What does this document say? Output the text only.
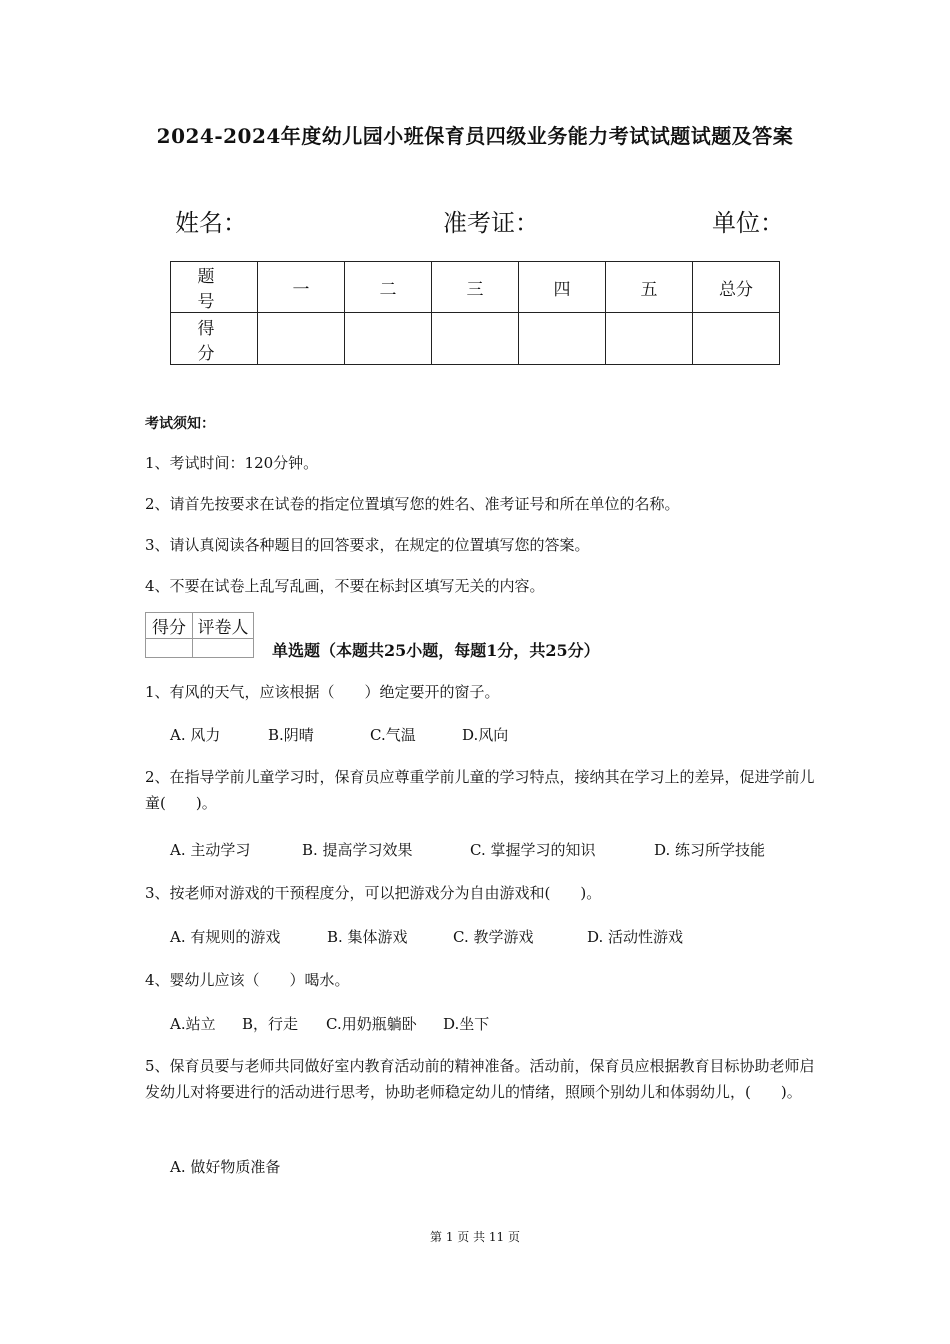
2024-2024年度幼儿园小班保育员四级业务能力考试试题试题及答案
姓名：	准考证：	单位：
题　号	一	二	三	四	五	总分
得　分						
考试须知：
1、考试时间：120分钟。
2、请首先按要求在试卷的指定位置填写您的姓名、准考证号和所在单位的名称。
3、请认真阅读各种题目的回答要求，在规定的位置填写您的答案。
4、不要在试卷上乱写乱画，不要在标封区填写无关的内容。
得分	评卷人

单选题（本题共25小题，每题1分，共25分）
1、有风的天气，应该根据（　　）绝定要开的窗子。
A. 风力	B.阴晴	C.气温	D.风向
2、在指导学前儿童学习时，保育员应尊重学前儿童的学习特点，接纳其在学习上的差异，促进学前儿童(　　)。
A. 主动学习	B. 提高学习效果	C. 掌握学习的知识	D. 练习所学技能
3、按老师对游戏的干预程度分，可以把游戏分为自由游戏和(　　)。
A. 有规则的游戏	B. 集体游戏	C. 教学游戏	D. 活动性游戏
4、婴幼儿应该（　　）喝水。
A.站立 B，行走 C.用奶瓶躺卧 D.坐下
5、保育员要与老师共同做好室内教育活动前的精神准备。活动前，保育员应根据教育目标协助老师启发幼儿对将要进行的活动进行思考，协助老师稳定幼儿的情绪，照顾个别幼儿和体弱幼儿，(　　)。
A. 做好物质准备
第 1 页 共 11 页
